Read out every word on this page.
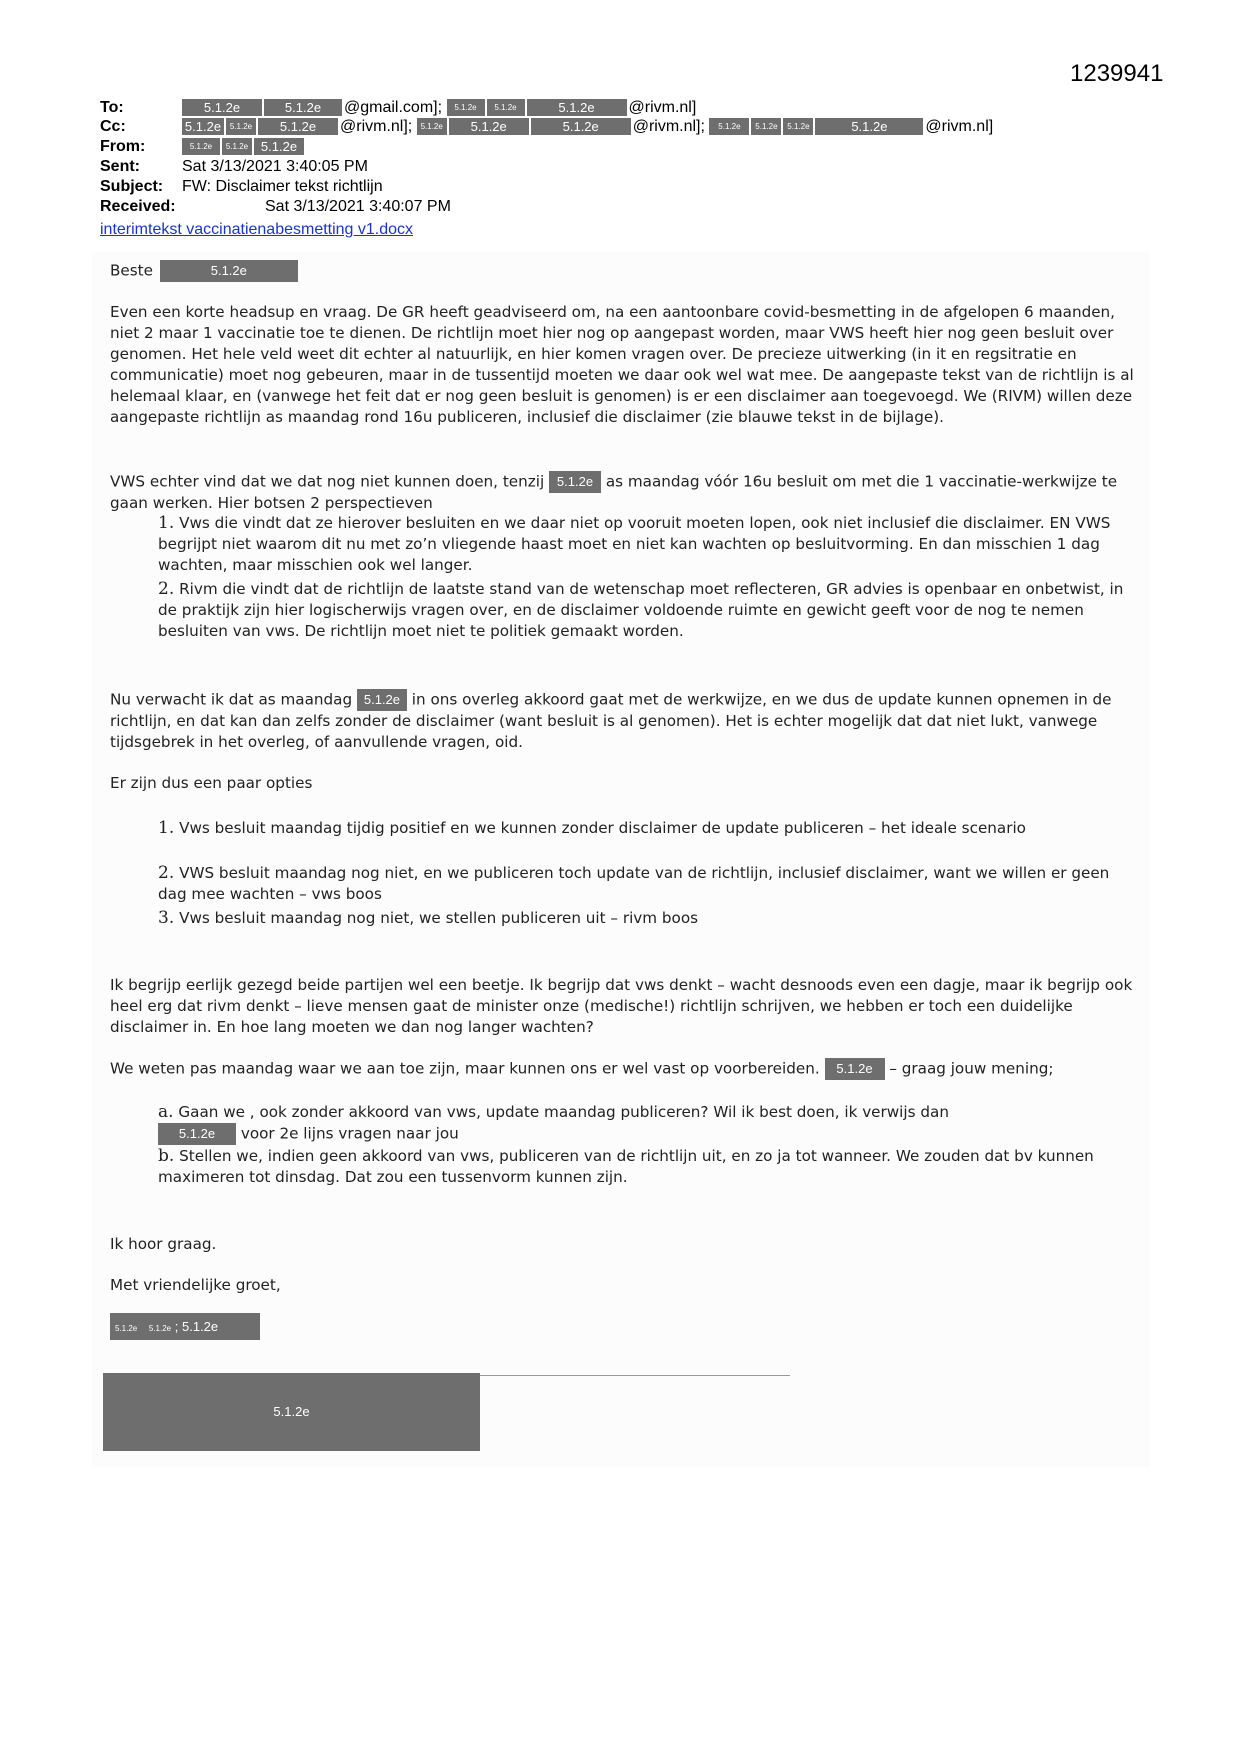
1239941
To:	5.1.2e	5.1.2e @gmail.com]; 5.1.2e 5.1.2e	5.1.2e @rivm.nl]
Cc:	5.1.2e 5.1.2e 5.1.2e @rivm.nl]; 5.1.2e 5.1.2e	5.1.2e @rivm.nl]; 5.1.2e 5.1.2e 5.1.2e	5.1.2e @rivm.nl]
From:	5.1.2e 5.1.2e 5.1.2e
Sent:	Sat 3/13/2021 3:40:05 PM
Subject: FW: Disclaimer tekst richtlijn
Received:	Sat 3/13/2021 3:40:07 PM
interimtekst vaccinatienabesmetting v1.docx
Beste	5.1.2e
Even een korte headsup en vraag. De GR heeft geadviseerd om, na een aantoonbare covid-besmetting in de afgelopen 6 maanden, niet 2 maar 1 vaccinatie toe te dienen. De richtlijn moet hier nog op aangepast worden, maar VWS heeft hier nog geen besluit over genomen. Het hele veld weet dit echter al natuurlijk, en hier komen vragen over. De precieze uitwerking (in it en regsitratie en communicatie) moet nog gebeuren, maar in de tussentijd moeten we daar ook wel wat mee. De aangepaste tekst van de richtlijn is al helemaal klaar, en (vanwege het feit dat er nog geen besluit is genomen) is er een disclaimer aan toegevoegd. We (RIVM) willen deze aangepaste richtlijn as maandag rond 16u publiceren, inclusief die disclaimer (zie blauwe tekst in de bijlage).
VWS echter vind dat we dat nog niet kunnen doen, tenzij 5.1.2e as maandag vóór 16u besluit om met die 1 vaccinatie-werkwijze te gaan werken. Hier botsen 2 perspectieven
1. Vws die vindt dat ze hierover besluiten en we daar niet op vooruit moeten lopen, ook niet inclusief die disclaimer. EN VWS begrijpt niet waarom dit nu met zo’n vliegende haast moet en niet kan wachten op besluitvorming. En dan misschien 1 dag wachten, maar misschien ook wel langer.
2. Rivm die vindt dat de richtlijn de laatste stand van de wetenschap moet reflecteren, GR advies is openbaar en onbetwist, in de praktijk zijn hier logischerwijs vragen over, en de disclaimer voldoende ruimte en gewicht geeft voor de nog te nemen besluiten van vws. De richtlijn moet niet te politiek gemaakt worden.
Nu verwacht ik dat as maandag 5.1.2e in ons overleg akkoord gaat met de werkwijze, en we dus de update kunnen opnemen in de richtlijn, en dat kan dan zelfs zonder de disclaimer (want besluit is al genomen). Het is echter mogelijk dat dat niet lukt, vanwege tijdsgebrek in het overleg, of aanvullende vragen, oid.
Er zijn dus een paar opties
1. Vws besluit maandag tijdig positief en we kunnen zonder disclaimer de update publiceren – het ideale scenario
2. VWS besluit maandag nog niet, en we publiceren toch update van de richtlijn, inclusief disclaimer, want we willen er geen dag mee wachten – vws boos
3. Vws besluit maandag nog niet, we stellen publiceren uit – rivm boos
Ik begrijp eerlijk gezegd beide partijen wel een beetje. Ik begrijp dat vws denkt – wacht desnoods even een dagje, maar ik begrijp ook heel erg dat rivm denkt – lieve mensen gaat de minister onze (medische!) richtlijn schrijven, we hebben er toch een duidelijke disclaimer in. En hoe lang moeten we dan nog langer wachten?
We weten pas maandag waar we aan toe zijn, maar kunnen ons er wel vast op voorbereiden. 5.1.2e – graag jouw mening;
a. Gaan we , ook zonder akkoord van vws, update maandag publiceren? Wil ik best doen, ik verwijs dan
5.1.2e voor 2e lijns vragen naar jou
b. Stellen we, indien geen akkoord van vws, publiceren van de richtlijn uit, en zo ja tot wanneer. We zouden dat bv kunnen maximeren tot dinsdag. Dat zou een tussenvorm kunnen zijn.
Ik hoor graag.
Met vriendelijke groet,
5.1.2e 5.1.2e ; 5.1.2e
5.1.2e
